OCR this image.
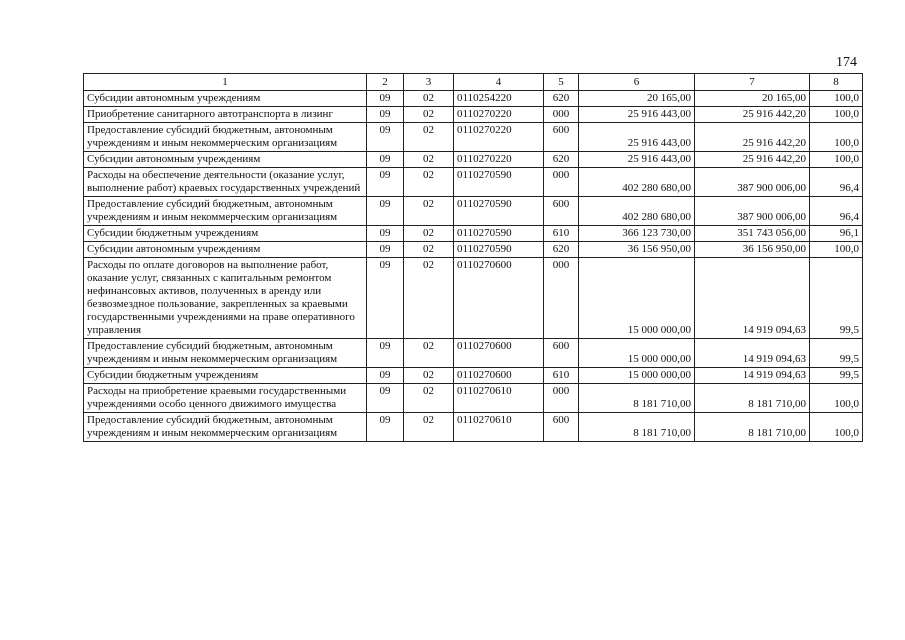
174
1	2	3	4	5	6	7	8
Субсидии автономным учреждениям	09	02	0110254220	620	20 165,00	20 165,00	100,0
Приобретение санитарного автотранспорта в лизинг	09	02	0110270220	000	25 916 443,00	25 916 442,20	100,0
Предоставление субсидий бюджетным, автономным учреждениям и иным некоммерческим организациям	09	02	0110270220	600	25 916 443,00	25 916 442,20	100,0
Субсидии автономным учреждениям	09	02	0110270220	620	25 916 443,00	25 916 442,20	100,0
Расходы на обеспечение деятельности (оказание услуг, выполнение работ) краевых государственных учреждений	09	02	0110270590	000	402 280 680,00	387 900 006,00	96,4
Предоставление субсидий бюджетным, автономным учреждениям и иным некоммерческим организациям	09	02	0110270590	600	402 280 680,00	387 900 006,00	96,4
Субсидии бюджетным учреждениям	09	02	0110270590	610	366 123 730,00	351 743 056,00	96,1
Субсидии автономным учреждениям	09	02	0110270590	620	36 156 950,00	36 156 950,00	100,0
Расходы по оплате договоров на выполнение работ, оказание услуг, связанных с капитальным ремонтом нефинансовых активов, полученных в аренду или безвозмездное пользование, закрепленных за краевыми государственными учреждениями на праве оперативного управления	09	02	0110270600	000	15 000 000,00	14 919 094,63	99,5
Предоставление субсидий бюджетным, автономным учреждениям и иным некоммерческим организациям	09	02	0110270600	600	15 000 000,00	14 919 094,63	99,5
Субсидии бюджетным учреждениям	09	02	0110270600	610	15 000 000,00	14 919 094,63	99,5
Расходы на приобретение краевыми государственными учреждениями особо ценного движимого имущества	09	02	0110270610	000	8 181 710,00	8 181 710,00	100,0
Предоставление субсидий бюджетным, автономным учреждениям и иным некоммерческим организациям	09	02	0110270610	600	8 181 710,00	8 181 710,00	100,0
